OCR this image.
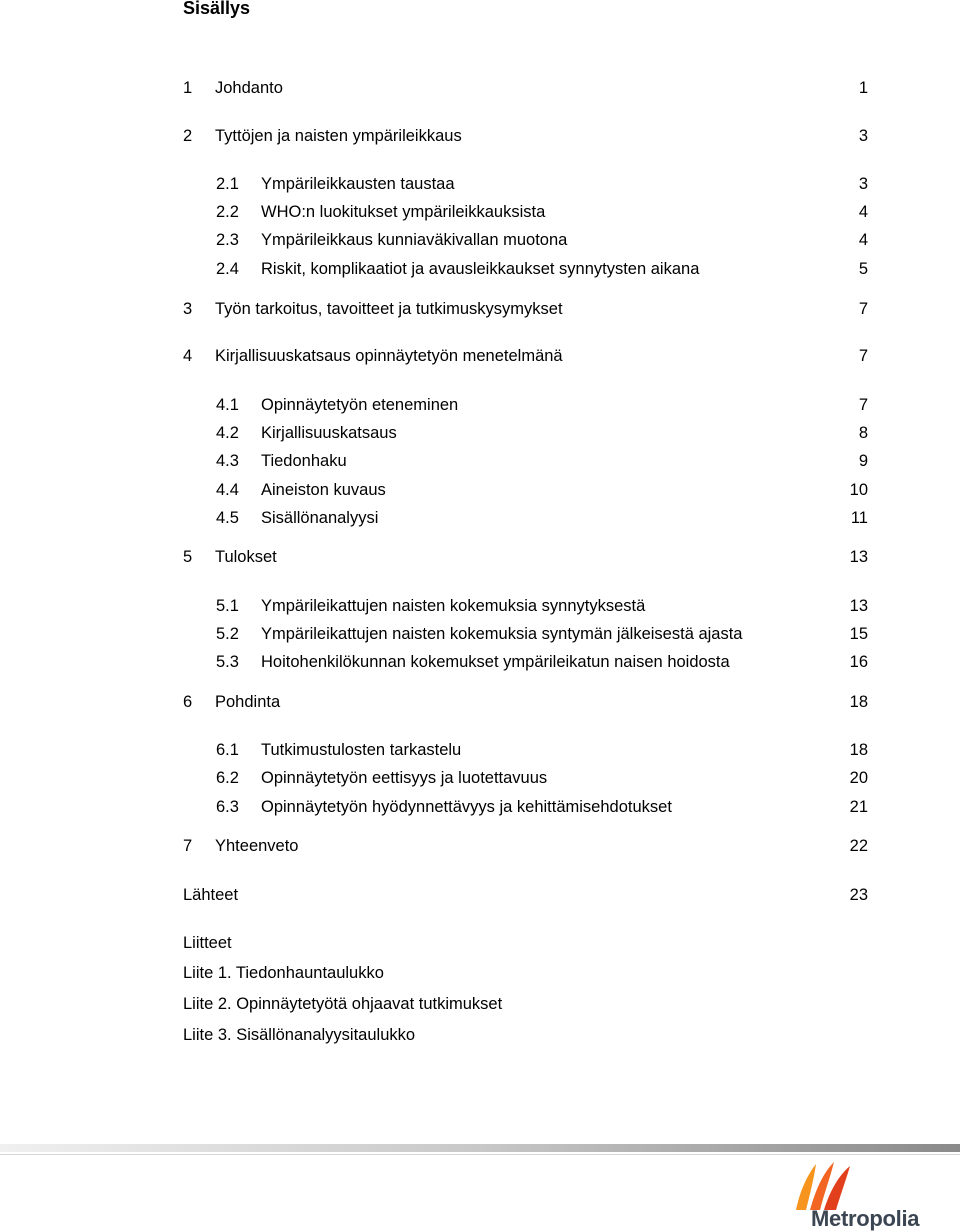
Sisällys
1 Johdanto	1
2 Tyttöjen ja naisten ympärileikkaus	3
2.1 Ympärileikkausten taustaa	3
2.2 WHO:n luokitukset ympärileikkauksista	4
2.3 Ympärileikkaus kunniaväkivallan muotona	4
2.4 Riskit, komplikaatiot ja avausleikkaukset synnytysten aikana	5
3 Työn tarkoitus, tavoitteet ja tutkimuskysymykset	7
4 Kirjallisuuskatsaus opinnäytetyön menetelmänä	7
4.1 Opinnäytetyön eteneminen	7
4.2 Kirjallisuuskatsaus	8
4.3 Tiedonhaku	9
4.4 Aineiston kuvaus	10
4.5 Sisällönanalyysi	11
5 Tulokset	13
5.1 Ympärileikattujen naisten kokemuksia synnytyksestä	13
5.2 Ympärileikattujen naisten kokemuksia syntymän jälkeisestä ajasta	15
5.3 Hoitohenkilökunnan kokemukset ympärileikatun naisen hoidosta	16
6 Pohdinta	18
6.1 Tutkimustulosten tarkastelu	18
6.2 Opinnäytetyön eettisyys ja luotettavuus	20
6.3 Opinnäytetyön hyödynnettävyys ja kehittämisehdotukset	21
7 Yhteenveto	22
Lähteet	23
Liitteet
Liite 1. Tiedonhauntaulukko
Liite 2. Opinnäytetyötä ohjaavat tutkimukset
Liite 3. Sisällönanalyysitaulukko
Metropolia
